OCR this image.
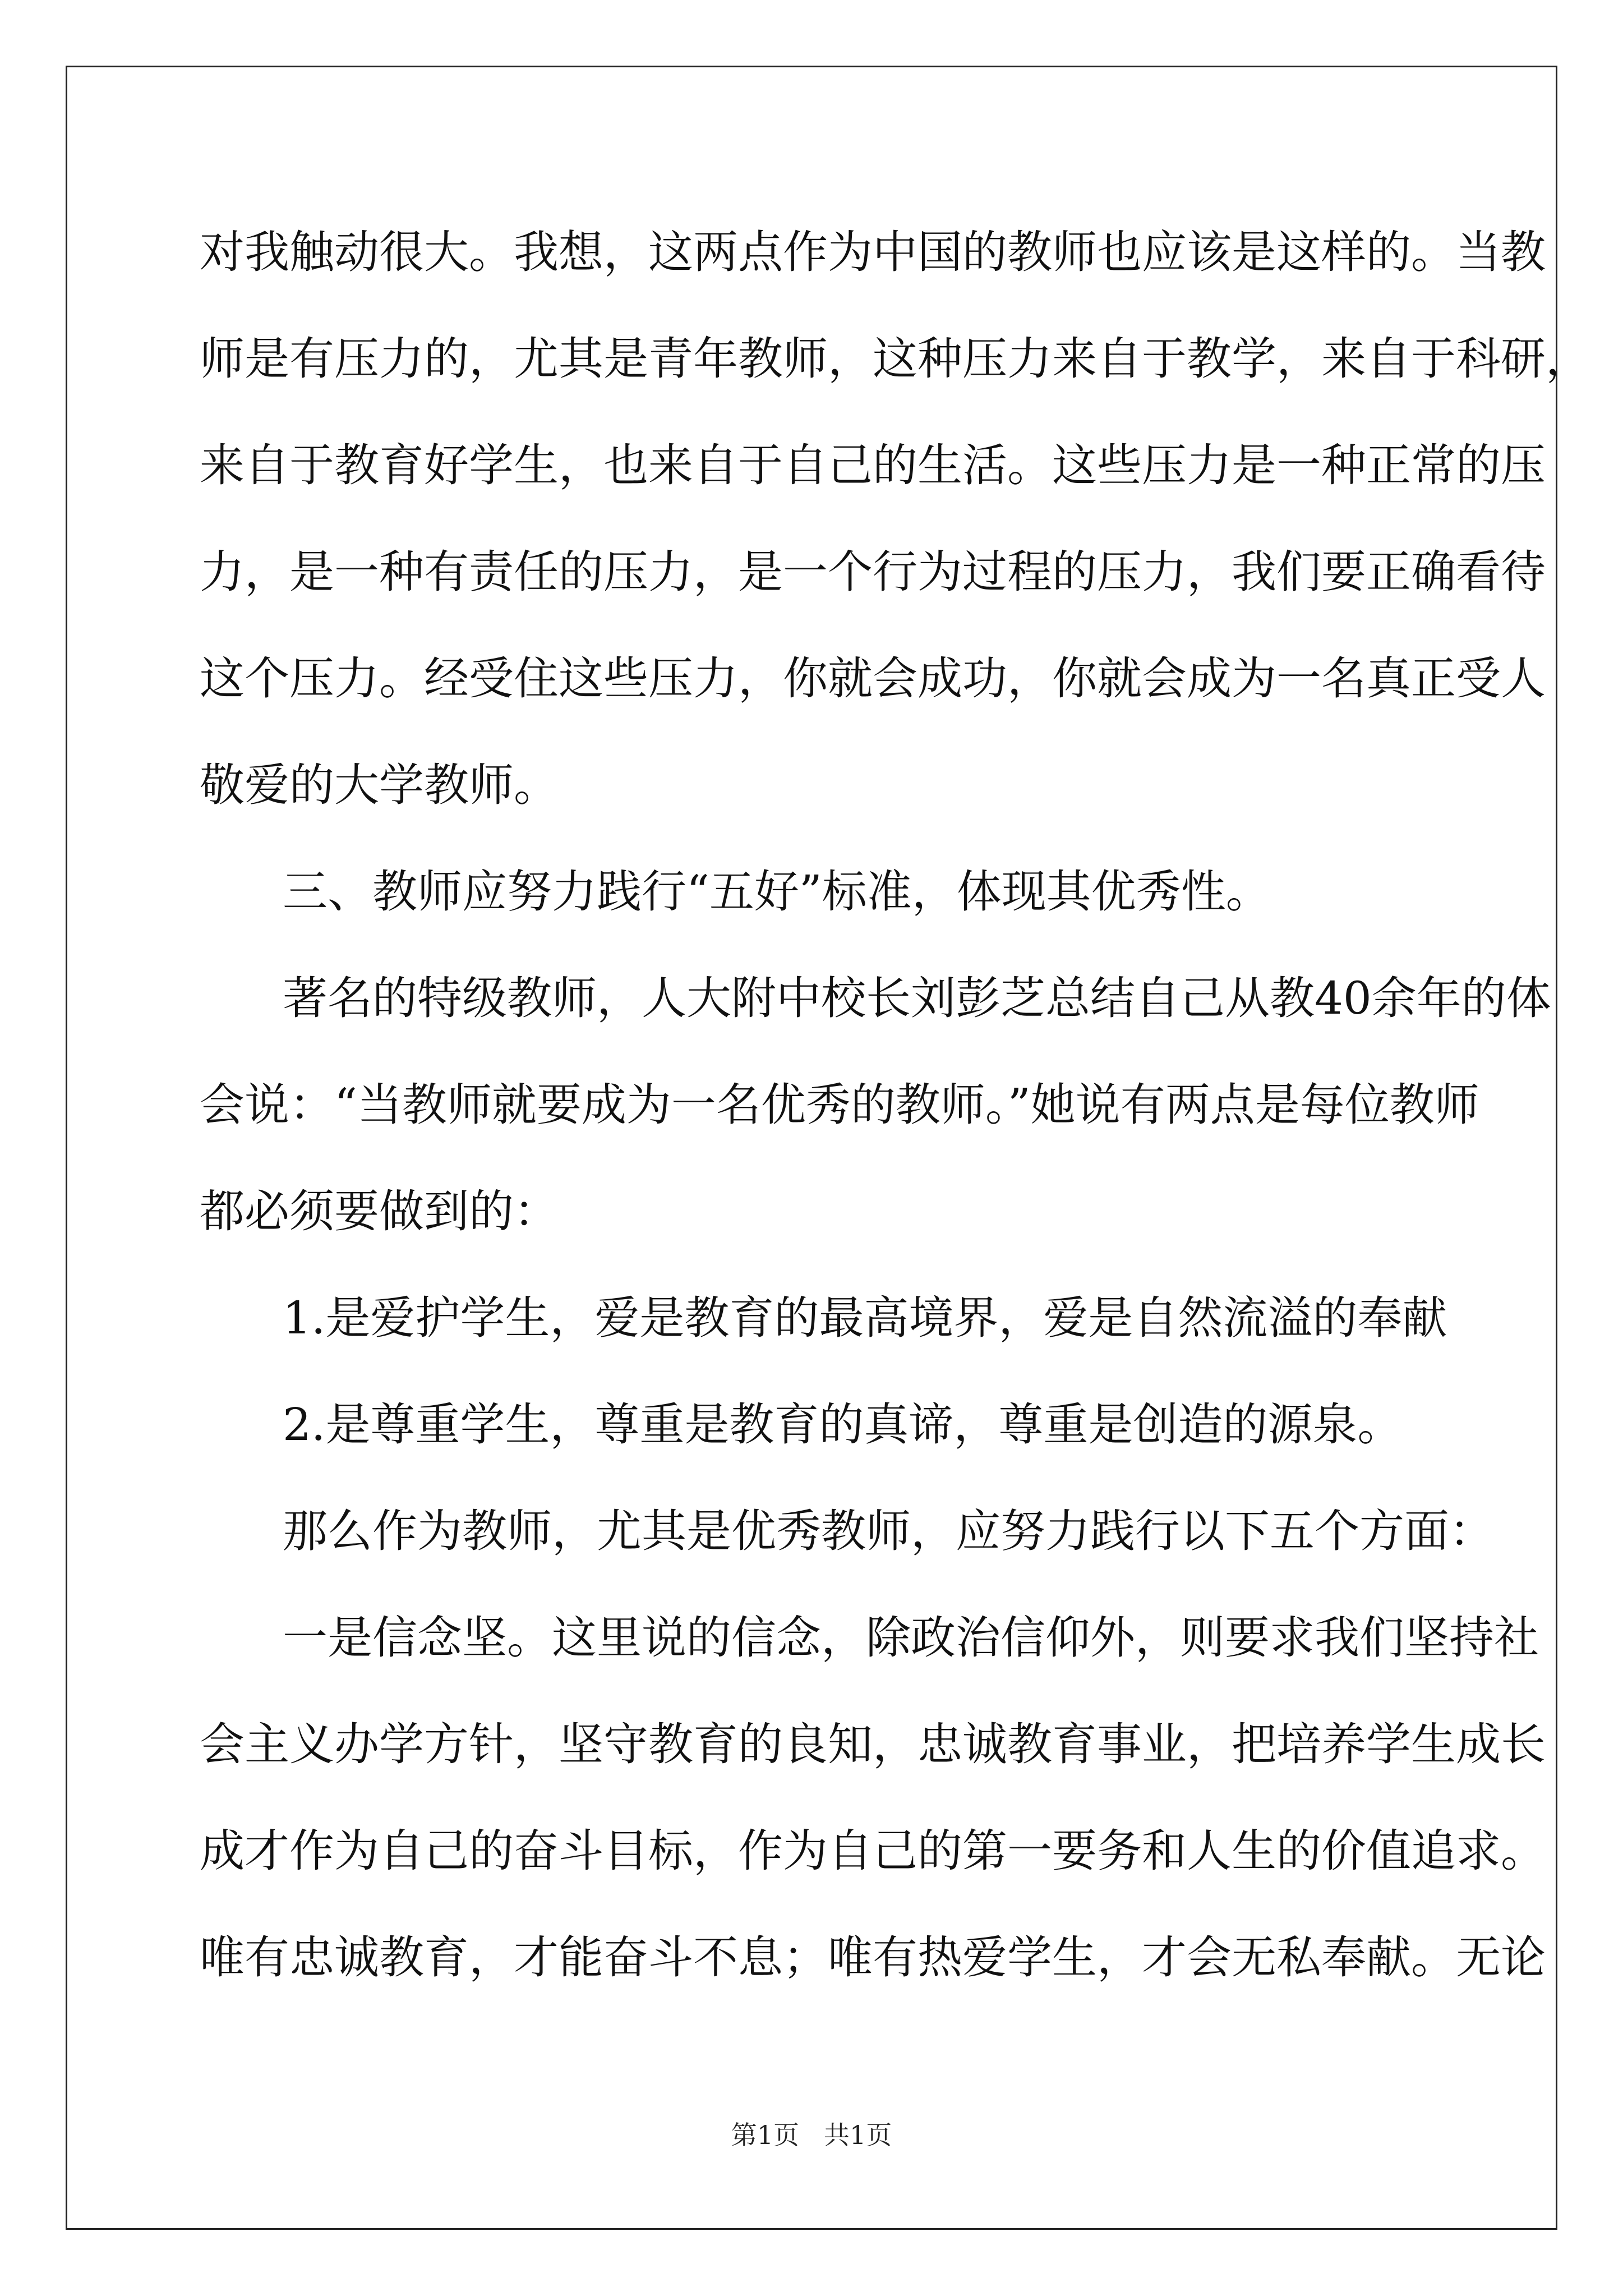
对我触动很大。我想，这两点作为中国的教师也应该是这样的。当教
师是有压力的，尤其是青年教师，这种压力来自于教学，来自于科研，
来自于教育好学生，也来自于自己的生活。这些压力是一种正常的压
力，是一种有责任的压力，是一个行为过程的压力，我们要正确看待
这个压力。经受住这些压力，你就会成功，你就会成为一名真正受人
敬爱的大学教师。
三、教师应努力践行“五好”标准，体现其优秀性。
著名的特级教师，人大附中校长刘彭芝总结自己从教40余年的体
会说：“当教师就要成为一名优秀的教师。”她说有两点是每位教师
都必须要做到的：
1.是爱护学生，爱是教育的最高境界，爱是自然流溢的奉献
2.是尊重学生，尊重是教育的真谛，尊重是创造的源泉。
那么作为教师，尤其是优秀教师，应努力践行以下五个方面：
一是信念坚。这里说的信念，除政治信仰外，则要求我们坚持社
会主义办学方针，坚守教育的良知，忠诚教育事业，把培养学生成长
成才作为自己的奋斗目标，作为自己的第一要务和人生的价值追求。
唯有忠诚教育，才能奋斗不息；唯有热爱学生，才会无私奉献。无论
第1页 共1页
